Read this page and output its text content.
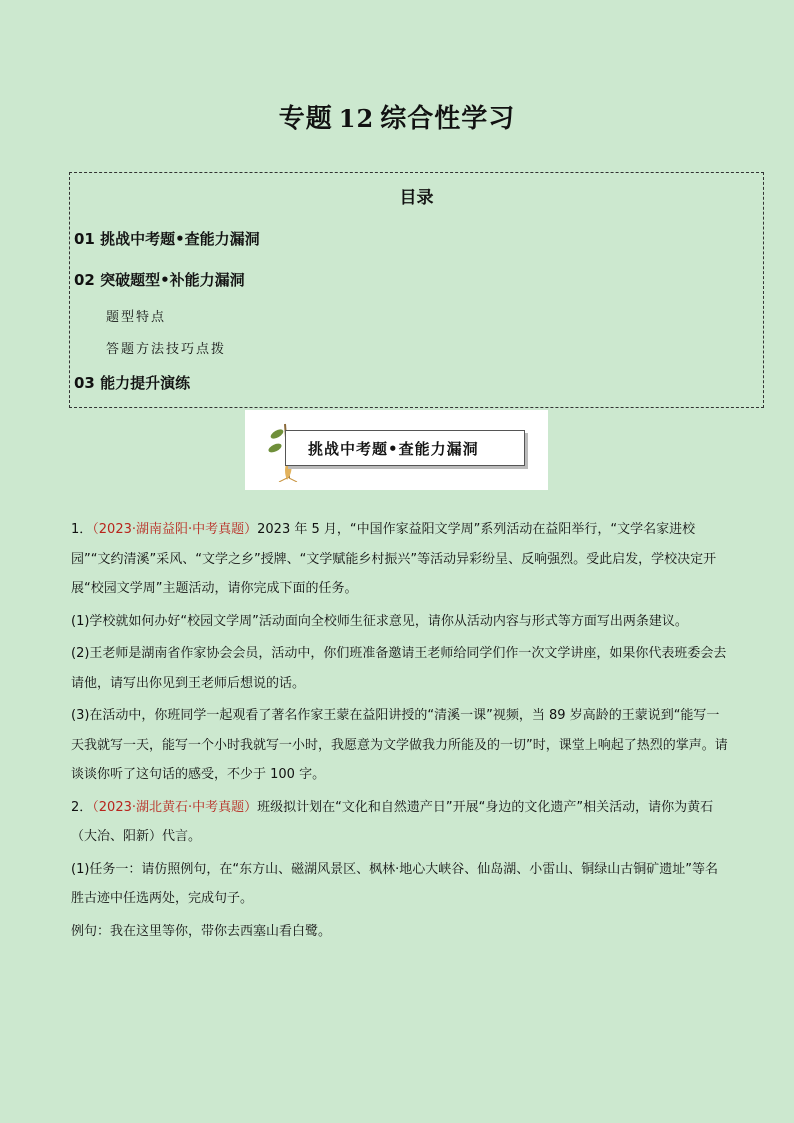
专题 12 综合性学习
目录
01 挑战中考题•查能力漏洞
02 突破题型•补能力漏洞
题型特点
答题方法技巧点拨
03 能力提升演练
挑战中考题•查能力漏洞

1．（2023·湖南益阳·中考真题）2023 年 5 月，“中国作家益阳文学周”系列活动在益阳举行，“文学名家进校园”“文约清溪”采风、“文学之乡”授牌、“文学赋能乡村振兴”等活动异彩纷呈、反响强烈。受此启发，学校决定开展“校园文学周”主题活动，请你完成下面的任务。

(1)学校就如何办好“校园文学周”活动面向全校师生征求意见，请你从活动内容与形式等方面写出两条建议。

(2)王老师是湖南省作家协会会员，活动中，你们班准备邀请王老师给同学们作一次文学讲座，如果你代表班委会去请他，请写出你见到王老师后想说的话。

(3)在活动中，你班同学一起观看了著名作家王蒙在益阳讲授的“清溪一课”视频，当 89 岁高龄的王蒙说到“能写一天我就写一天，能写一个小时我就写一小时，我愿意为文学做我力所能及的一切”时，课堂上响起了热烈的掌声。请谈谈你听了这句话的感受，不少于 100 字。

2．（2023·湖北黄石·中考真题）班级拟计划在“文化和自然遗产日”开展“身边的文化遗产”相关活动，请你为黄石（大冶、阳新）代言。

(1)任务一：请仿照例句，在“东方山、磁湖风景区、枫林·地心大峡谷、仙岛湖、小雷山、铜绿山古铜矿遗址”等名胜古迹中任选两处，完成句子。

例句：我在这里等你，带你去西塞山看白鹭。
